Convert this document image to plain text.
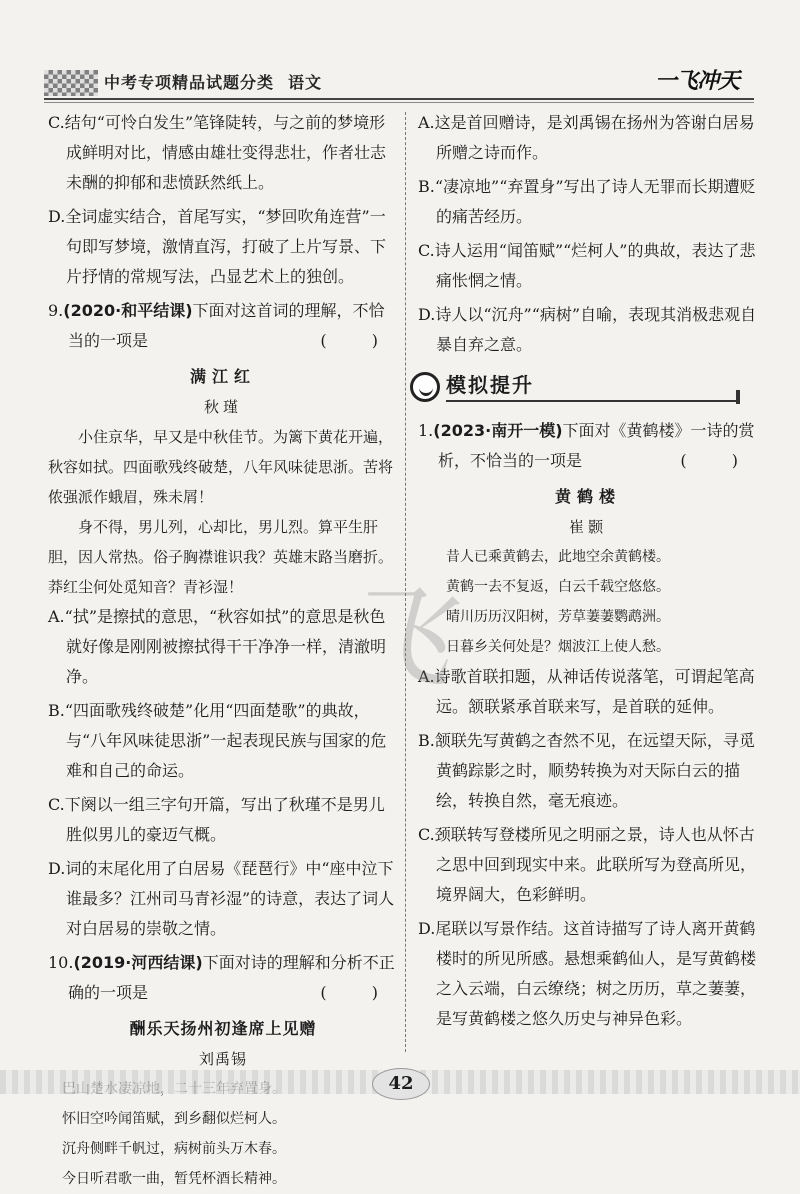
中考专项精品试题分类 语文	一飞冲天

C.结句“可怜白发生”笔锋陡转，与之前的梦境形成鲜明对比，情感由雄壮变得悲壮，作者壮志未酬的抑郁和悲愤跃然纸上。

D.全词虚实结合，首尾写实，“梦回吹角连营”一句即写梦境，激情直泻，打破了上片写景、下片抒情的常规写法，凸显艺术上的独创。

9.(2020·和平结课)下面对这首词的理解，不恰当的一项是	( )

满江红

秋瑾

小住京华，早又是中秋佳节。为篱下黄花开遍，秋容如拭。四面歌残终破楚，八年风味徒思浙。苦将侬强派作蛾眉，殊未屑！

身不得，男儿列，心却比，男儿烈。算平生肝胆，因人常热。俗子胸襟谁识我？英雄末路当磨折。莽红尘何处觅知音？青衫湿！

A.“拭”是擦拭的意思，“秋容如拭”的意思是秋色就好像是刚刚被擦拭得干干净净一样，清澈明净。

B.“四面歌残终破楚”化用“四面楚歌”的典故，与“八年风味徒思浙”一起表现民族与国家的危难和自己的命运。

C.下阕以一组三字句开篇，写出了秋瑾不是男儿胜似男儿的豪迈气概。

D.词的末尾化用了白居易《琵琶行》中“座中泣下谁最多？江州司马青衫湿”的诗意，表达了词人对白居易的崇敬之情。

10.(2019·河西结课)下面对诗的理解和分析不正确的一项是	( )

酬乐天扬州初逢席上见赠

刘禹锡

怀旧空吟闻笛赋，到乡翻似烂柯人。

沉舟侧畔千帆过，病树前头万木春。

今日听君歌一曲，暂凭杯酒长精神。

A.这是首回赠诗，是刘禹锡在扬州为答谢白居易所赠之诗而作。

B.“凄凉地”“弃置身”写出了诗人无罪而长期遭贬的痛苦经历。

C.诗人运用“闻笛赋”“烂柯人”的典故，表达了悲痛怅惘之情。

D.诗人以“沉舟”“病树”自喻，表现其消极悲观自暴自弃之意。

模拟提升

1.(2023·南开一模)下面对《黄鹤楼》一诗的赏析，不恰当的一项是	( )

黄鹤楼

崔颢

昔人已乘黄鹤去，此地空余黄鹤楼。

黄鹤一去不复返，白云千载空悠悠。

晴川历历汉阳树，芳草萋萋鹦鹉洲。

日暮乡关何处是？烟波江上使人愁。

A.诗歌首联扣题，从神话传说落笔，可谓起笔高远。颔联紧承首联来写，是首联的延伸。

B.颔联先写黄鹤之杳然不见，在远望天际，寻觅黄鹤踪影之时，顺势转换为对天际白云的描绘，转换自然，毫无痕迹。

C.颈联转写登楼所见之明丽之景，诗人也从怀古之思中回到现实中来。此联所写为登高所见，境界阔大，色彩鲜明。

D.尾联以写景作结。这首诗描写了诗人离开黄鹤楼时的所见所感。悬想乘鹤仙人，是写黄鹤楼之入云端，白云缭绕；树之历历，草之萋萋，是写黄鹤楼之悠久历史与神异色彩。

飞
42
